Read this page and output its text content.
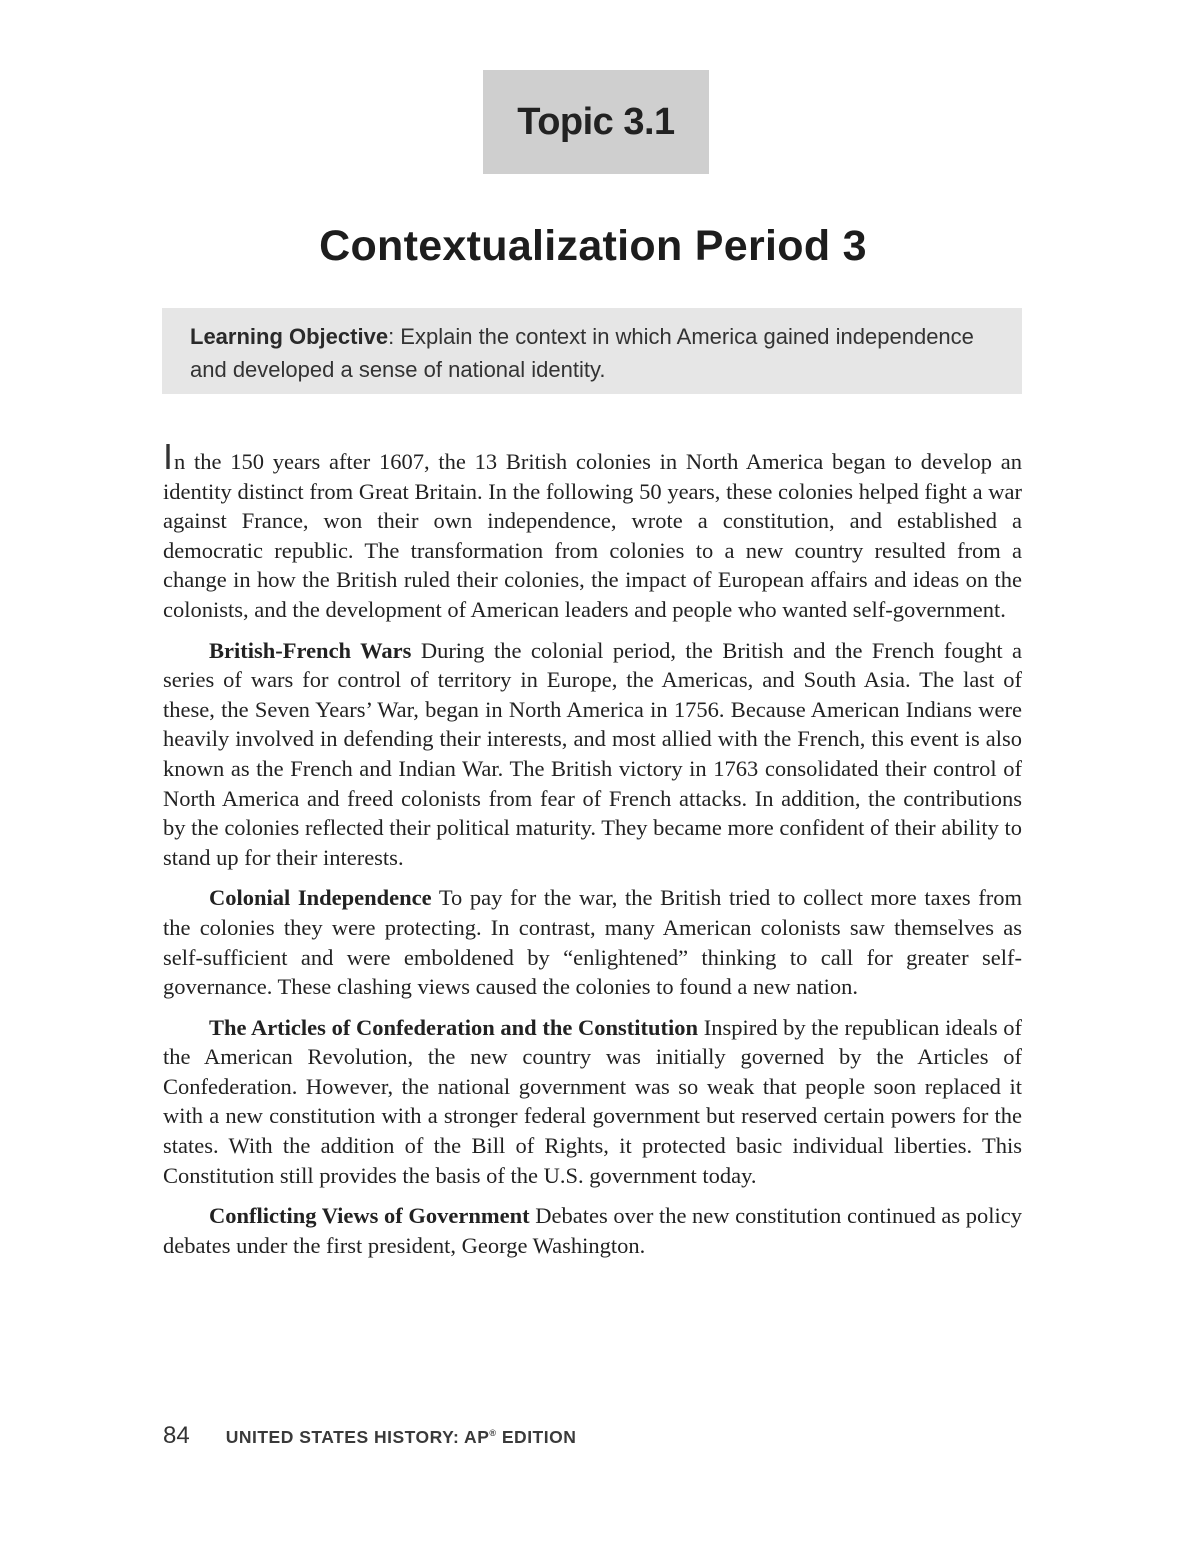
Topic 3.1
Contextualization Period 3
Learning Objective: Explain the context in which America gained independence and developed a sense of national identity.

In the 150 years after 1607, the 13 British colonies in North America began to develop an identity distinct from Great Britain. In the following 50 years, these colonies helped fight a war against France, won their own independence, wrote a constitution, and established a democratic republic. The transformation from colonies to a new country resulted from a change in how the British ruled their colonies, the impact of European affairs and ideas on the colonists, and the development of American leaders and people who wanted self-government.

British-French Wars During the colonial period, the British and the French fought a series of wars for control of territory in Europe, the Americas, and South Asia. The last of these, the Seven Years’ War, began in North America in 1756. Because American Indians were heavily involved in defending their interests, and most allied with the French, this event is also known as the French and Indian War. The British victory in 1763 consolidated their control of North America and freed colonists from fear of French attacks. In addition, the contributions by the colonies reflected their political maturity. They became more confident of their ability to stand up for their interests.

Colonial Independence To pay for the war, the British tried to collect more taxes from the colonies they were protecting. In contrast, many American colonists saw themselves as self-sufficient and were emboldened by “enlightened” thinking to call for greater self-governance. These clashing views caused the colonies to found a new nation.

The Articles of Confederation and the Constitution Inspired by the republican ideals of the American Revolution, the new country was initially governed by the Articles of Confederation. However, the national government was so weak that people soon replaced it with a new constitution with a stronger federal government but reserved certain powers for the states. With the addition of the Bill of Rights, it protected basic individual liberties. This Constitution still provides the basis of the U.S. government today.

Conflicting Views of Government Debates over the new constitution continued as policy debates under the first president, George Washington.

84 UNITED STATES HISTORY: AP® EDITION
